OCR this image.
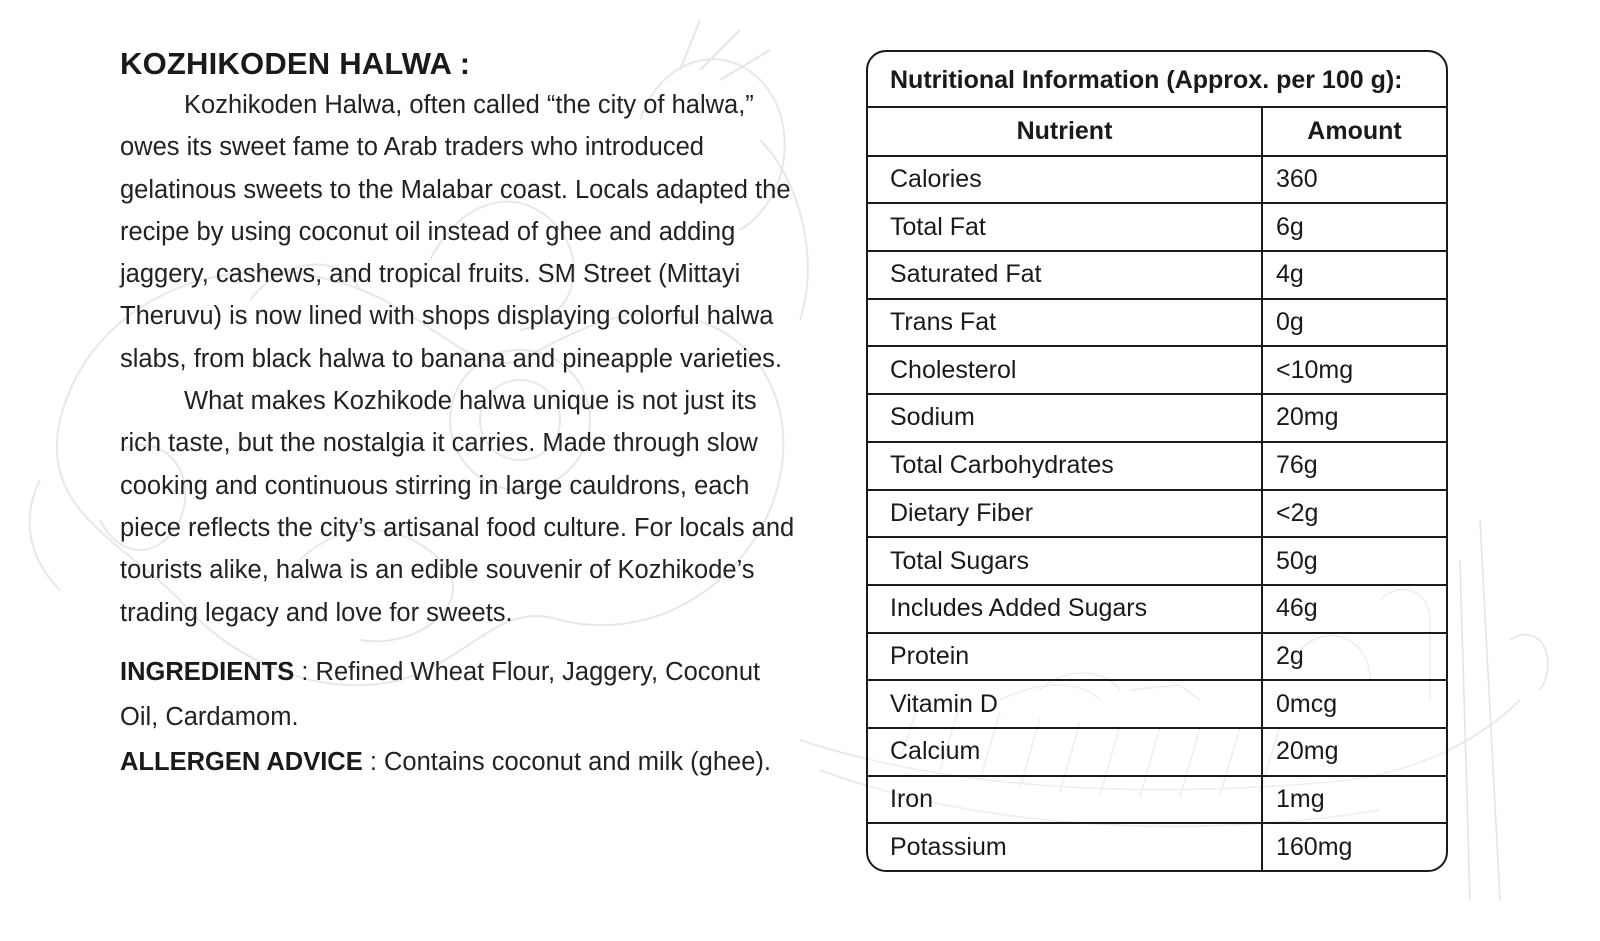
KOZHIKODEN HALWA :

Kozhikoden Halwa, often called “the city of halwa,” owes its sweet fame to Arab traders who introduced gelatinous sweets to the Malabar coast. Locals adapted the recipe by using coconut oil instead of ghee and adding jaggery, cashews, and tropical fruits. SM Street (Mittayi Theruvu) is now lined with shops displaying colorful halwa slabs, from black halwa to banana and pineapple varieties.

What makes Kozhikode halwa unique is not just its rich taste, but the nostalgia it carries. Made through slow cooking and continuous stirring in large cauldrons, each piece reflects the city’s artisanal food culture. For locals and tourists alike, halwa is an edible souvenir of Kozhikode’s trading legacy and love for sweets.

INGREDIENTS : Refined Wheat Flour, Jaggery, Coconut Oil, Cardamom.

ALLERGEN ADVICE : Contains coconut and milk (ghee).

Nutritional Information (Approx. per 100 g):
Nutrient	Amount
Calories	360
Total Fat	6g
Saturated Fat	4g
Trans Fat	0g
Cholesterol	<10mg
Sodium	20mg
Total Carbohydrates	76g
Dietary Fiber	<2g
Total Sugars	50g
Includes Added Sugars	46g
Protein	2g
Vitamin D	0mcg
Calcium	20mg
Iron	1mg
Potassium	160mg
